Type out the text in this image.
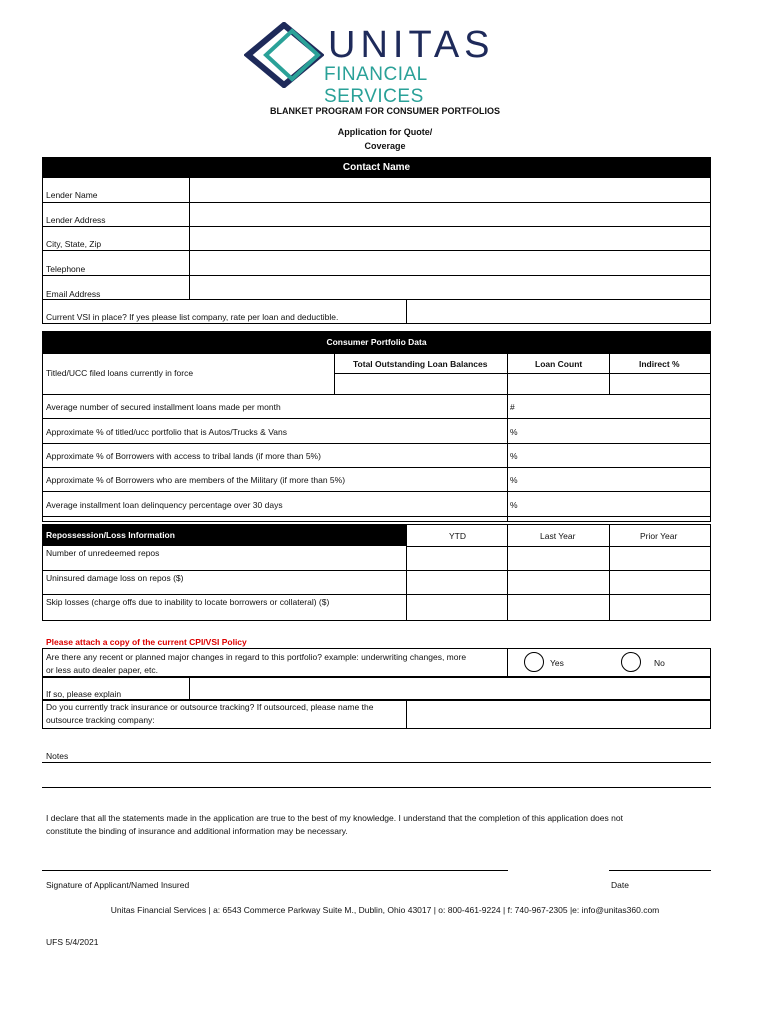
UNITAS
FINANCIAL SERVICES
BLANKET PROGRAM FOR CONSUMER PORTFOLIOS
Application for Quote/
Coverage
Contact Name
Lender Name
Lender Address
City, State, Zip
Telephone
Email Address
Current VSI in place? If yes please list company, rate per loan and deductible.
Consumer Portfolio Data
Total Outstanding Loan Balances	Loan Count	Indirect %
Titled/UCC filed loans currently in force
Average number of secured installment loans made per month	#
Approximate % of titled/ucc portfolio that is Autos/Trucks & Vans	%
Approximate % of Borrowers with access to tribal lands (if more than 5%)	%
Approximate % of Borrowers who are members of the Military (if more than 5%)	%
Average installment loan delinquency percentage over 30 days	%
Repossession/Loss Information	YTD	Last Year	Prior Year
Number of unredeemed repos
Uninsured damage loss on repos ($)
Skip losses (charge offs due to inability to locate borrowers or collateral) ($)
Please attach a copy of the current CPI/VSI Policy
Are there any recent or planned major changes in regard to this portfolio? example: underwriting changes, more
or less auto dealer paper, etc.
Yes	No
If so, please explain
Do you currently track insurance or outsource tracking? If outsourced, please name the
outsource tracking company:
Notes
I declare that all the statements made in the application are true to the best of my knowledge. I understand that the completion of this application does not
constitute the binding of insurance and additional information may be necessary.
Signature of Applicant/Named Insured	Date
Unitas Financial Services | a: 6543 Commerce Parkway Suite M., Dublin, Ohio 43017 | o: 800-461-9224 | f: 740-967-2305 |e: info@unitas360.com
UFS 5/4/2021
